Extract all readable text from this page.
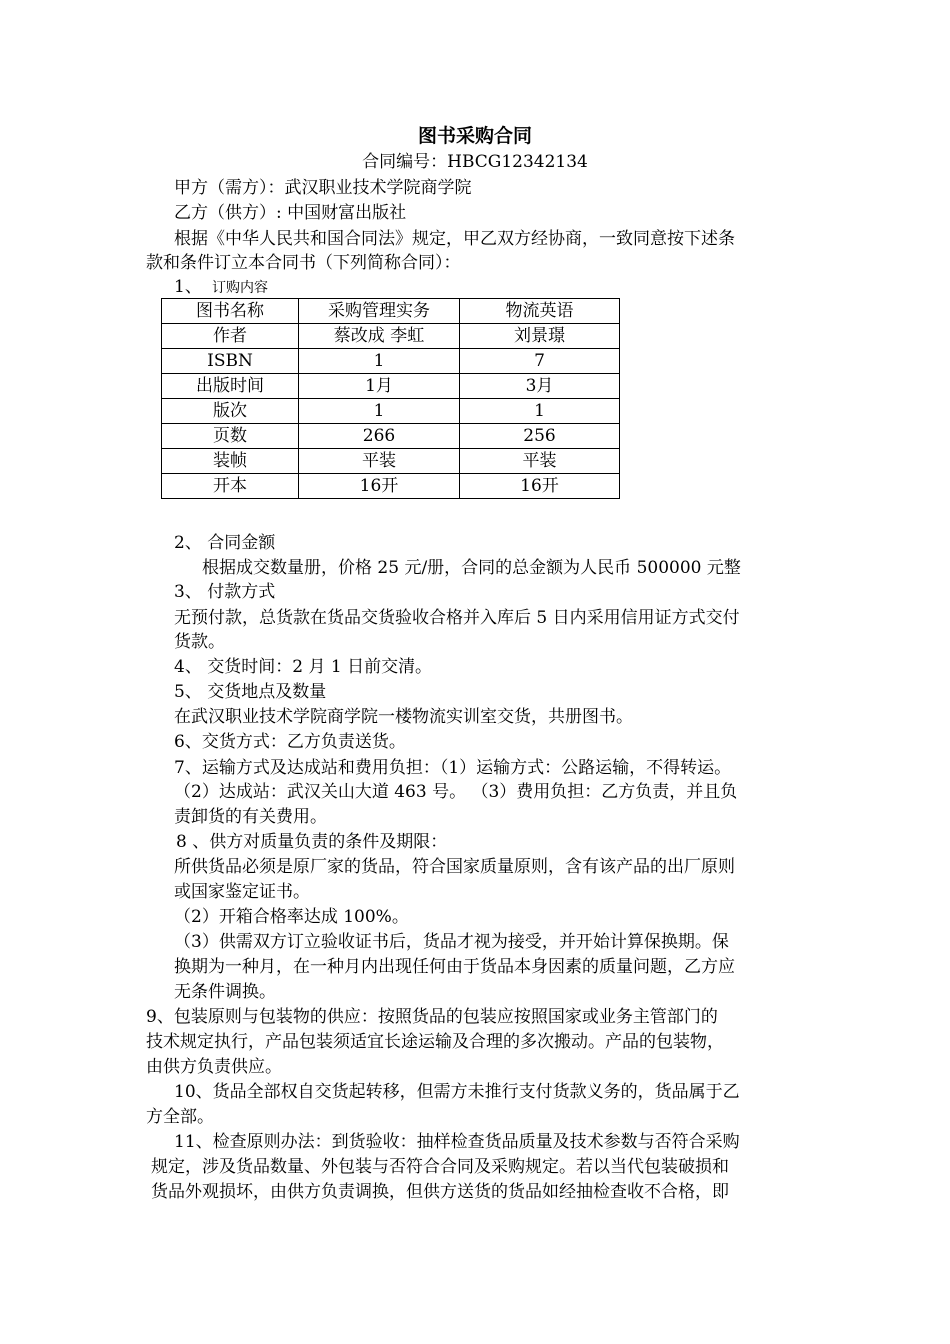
图书采购合同
合同编号：HBCG12342134
甲方（需方）：武汉职业技术学院商学院
乙方（供方）: 中国财富出版社
根据《中华人民共和国合同法》规定，甲乙双方经协商，一致同意按下述条
款和条件订立本合同书（下列简称合同）：
1、 订购内容
图书名称	采购管理实务	物流英语
作者	蔡改成 李虹	刘景璟
ISBN	1	7
出版时间	1月	3月
版次	1	1
页数	266	256
装帧	平装	平装
开本	16开	16开
2、 合同金额
根据成交数量册，价格 25 元/册，合同的总金额为人民币 500000 元整
3、 付款方式
无预付款，总货款在货品交货验收合格并入库后 5 日内采用信用证方式交付
货款。
4、 交货时间：2 月 1 日前交清。
5、 交货地点及数量
在武汉职业技术学院商学院一楼物流实训室交货，共册图书。
6、交货方式：乙方负责送货。
7、运输方式及达成站和费用负担：（1）运输方式：公路运输，不得转运。
（2）达成站：武汉关山大道 463 号。 （3）费用负担：乙方负责，并且负
责卸货的有关费用。
8 、供方对质量负责的条件及期限：
所供货品必须是原厂家的货品，符合国家质量原则，含有该产品的出厂原则
或国家鉴定证书。
（2）开箱合格率达成 100%。
（3）供需双方订立验收证书后，货品才视为接受，并开始计算保换期。保
换期为一种月，在一种月内出现任何由于货品本身因素的质量问题，乙方应
无条件调换。
9、包装原则与包装物的供应：按照货品的包装应按照国家或业务主管部门的
技术规定执行，产品包装须适宜长途运输及合理的多次搬动。产品的包装物，
由供方负责供应。
10、货品全部权自交货起转移，但需方未推行支付货款义务的，货品属于乙
方全部。
11、检查原则办法：到货验收：抽样检查货品质量及技术参数与否符合采购
规定，涉及货品数量、外包装与否符合合同及采购规定。若以当代包装破损和
货品外观损坏，由供方负责调换，但供方送货的货品如经抽检查收不合格，即
